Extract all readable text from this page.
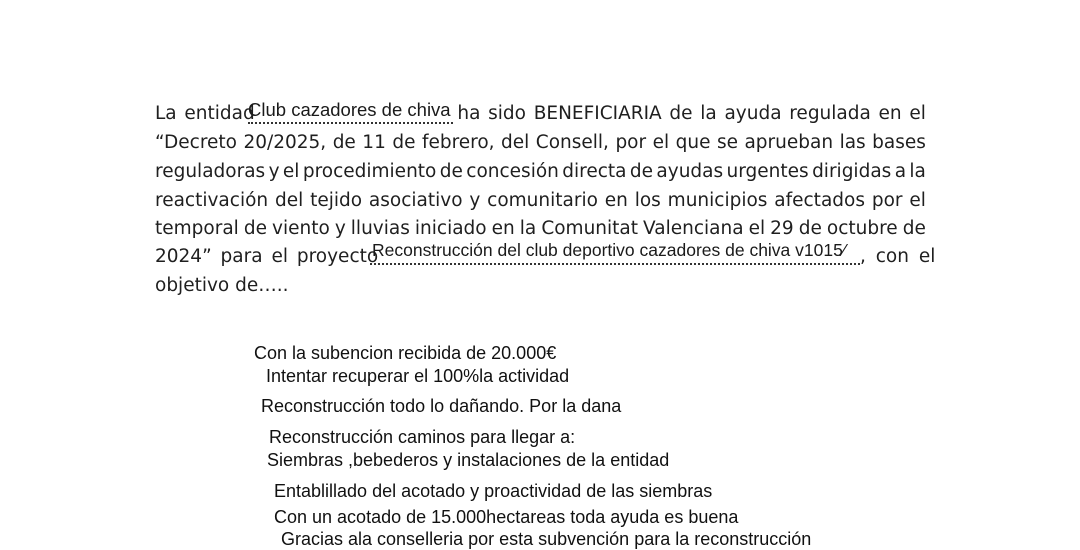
La entidad	ha sido BENEFICIARIA de la ayuda regulada en el
Club cazadores de chiva
“Decreto 20/2025, de 11 de febrero, del Consell, por el que se aprueban las bases
reguladoras y el procedimiento de concesión directa de ayudas urgentes dirigidas a la
reactivación del tejido asociativo y comunitario en los municipios afectados por el
temporal de viento y lluvias iniciado en la Comunitat Valenciana el 29 de octubre de
2024” para el proyecto
Reconstrucción del club deportivo cazadores de chiva v1015⁄ , con el
objetivo de…..
Con la subencion recibida de 20.000€
Intentar recuperar el 100%la actividad
Reconstrucción todo lo dañando. Por la dana
Reconstrucción caminos para llegar a:
Siembras ,bebederos y instalaciones de la entidad
Entablillado del acotado y proactividad de las siembras
Con un acotado de 15.000hectareas toda ayuda es buena
Gracias ala conselleria por esta subvención para la reconstrucción
